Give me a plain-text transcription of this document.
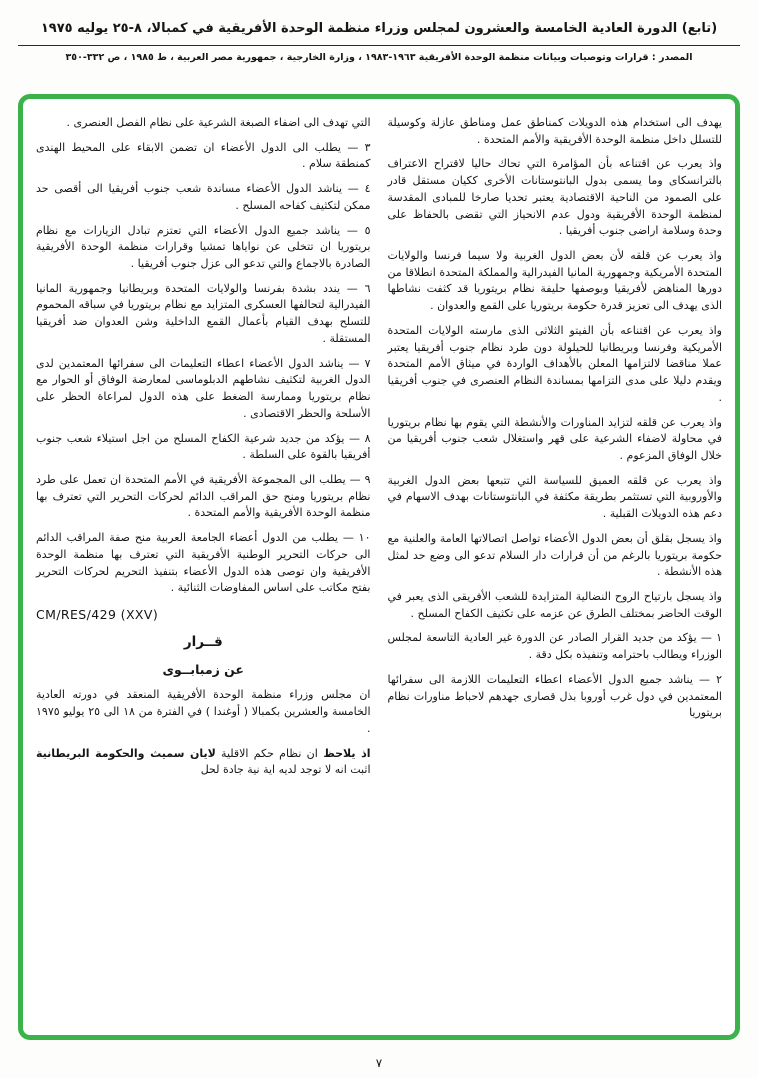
(تابع) الدورة العادية الخامسة والعشرون لمجلس وزراء منظمة الوحدة الأفريقية في كمبالا، ٨-٢٥ يوليه ١٩٧٥
المصدر : قرارات وتوصيات وبيانات منظمة الوحدة الأفريقية ١٩٦٣-١٩٨٣ ، وزارة الخارجية ، جمهورية مصر العربية ، ط ١٩٨٥ ، ص ٣٣٢-٣٥٠

يهدف الى استخدام هذه الدويلات كمناطق عمل ومناطق عازلة وكوسيلة للتسلل داخل منظمة الوحدة الأفريقية والأمم المتحدة .

واذ يعرب عن اقتناعه بأن المؤامرة التي تحاك حاليا لاقتراح الاعتراف بالترانسكاى وما يسمى بدول البانتوستانات الأخرى ككيان مستقل قادر على الصمود من الناحية الاقتصادية يعتبر تحديا صارخا للمبادى المقدسة لمنظمة الوحدة الأفريقية ودول عدم الانحياز التي تقضى بالحفاظ على وحدة وسلامة اراضى جنوب أفريقيا .

واذ يعرب عن قلقه لأن بعض الدول الغربية ولا سيما فرنسا والولايات المتحدة الأمريكية وجمهورية المانيا الفيدرالية والمملكة المتحدة انطلاقا من دورها المناهض لأفريقيا وبوصفها حليفة نظام بريتوريا قد كثفت نشاطها الذى يهدف الى تعزيز قدرة حكومة بريتوريا على القمع والعدوان .

واذ يعرب عن اقتناعه بأن الفيتو الثلاثى الذى مارسته الولايات المتحدة الأمريكية وفرنسا وبريطانيا للحيلولة دون طرد نظام جنوب أفريقيا يعتبر عملا مناقضا لالتزامها المعلن بالأهداف الواردة في ميثاق الأمم المتحدة ويقدم دليلا على مدى التزامها بمساندة النظام العنصرى في جنوب أفريقيا .

واذ يعرب عن قلقه لتزايد المناورات والأنشطة التي يقوم بها نظام بريتوريا في محاولة لاضفاء الشرعية على قهر واستغلال شعب جنوب أفريقيا من خلال الوفاق المزعوم .

واذ يعرب عن قلقه العميق للسياسة التي تتبعها بعض الدول الغربية والأوروبية التي تستثمر بطريقة مكثفة في البانتوستانات بهدف الاسهام في دعم هذه الدويلات القبلية .

واذ يسجل بقلق أن بعض الدول الأعضاء تواصل اتصالاتها العامة والعلنية مع حكومة بريتوريا بالرغم من أن قرارات دار السلام تدعو الى وضع حد لمثل هذه الأنشطة .

واذ يسجل بارتياح الروح النضالية المتزايدة للشعب الأفريقى الذى يعبر في الوقت الحاضر بمختلف الطرق عن عزمه على تكثيف الكفاح المسلح .

١ — يؤكد من جديد القرار الصادر عن الدورة غير العادية التاسعة لمجلس الوزراء ويطالب باحترامه وتنفيذه بكل دقة .

٢ — يناشد جميع الدول الأعضاء اعطاء التعليمات اللازمة الى سفرائها المعتمدين في دول غرب أوروبا بذل قصارى جهدهم لاحباط مناورات نظام بريتوريا

التي تهدف الى اضفاء الصبغة الشرعية على نظام الفصل العنصرى .

٣ — يطلب الى الدول الأعضاء ان تضمن الابقاء على المحيط الهندى كمنطقة سلام .

٤ — يناشد الدول الأعضاء مساندة شعب جنوب أفريقيا الى أقصى حد ممكن لتكثيف كفاحه المسلح .

٥ — يناشد جميع الدول الأعضاء التي تعتزم تبادل الزيارات مع نظام بريتوريا ان تتخلى عن نواياها تمشيا وقرارات منظمة الوحدة الأفريقية الصادرة بالاجماع والتي تدعو الى عزل جنوب أفريقيا .

٦ — يندد بشدة بفرنسا والولايات المتحدة وبريطانيا وجمهورية المانيا الفيدرالية لتحالفها العسكرى المتزايد مع نظام بريتوريا في سباقه المحموم للتسلح بهدف القيام بأعمال القمع الداخلية وشن العدوان ضد أفريقيا المستقلة .

٧ — يناشد الدول الأعضاء اعطاء التعليمات الى سفرائها المعتمدين لدى الدول الغربية لتكثيف نشاطهم الدبلوماسى لمعارضة الوفاق أو الحوار مع نظام بريتوريا وممارسة الضغط على هذه الدول لمراعاة الحظر على الأسلحة والحظر الاقتصادى .

٨ — يؤكد من جديد شرعية الكفاح المسلح من اجل استيلاء شعب جنوب أفريقيا بالقوة على السلطة .

٩ — يطلب الى المجموعة الأفريقية في الأمم المتحدة ان تعمل على طرد نظام بريتوريا ومنح حق المراقب الدائم لحركات التحرير التي تعترف بها منظمة الوحدة الأفريقية والأمم المتحدة .

١٠ — يطلب من الدول أعضاء الجامعة العربية منح صفة المراقب الدائم الى حركات التحرير الوطنية الأفريقية التي تعترف بها منظمة الوحدة الأفريقية وان توصى هذه الدول الأعضاء بتنفيذ التحريم لحركات التحرير بفتح مكاتب على اساس المفاوضات الثنائية .

CM/RES/429 (XXV)

قــرار

عن زمبابــوى

ان مجلس وزراء منظمة الوحدة الأفريقية المنعقد في دورته العادية الخامسة والعشرين بكمبالا ( أوغندا ) في الفترة من ١٨ الى ٢٥ يوليو ١٩٧٥ .

اذ يلاحظ ان نظام حكم الاقلية لايان سميث والحكومة البريطانية اثبت انه لا توجد لديه اية نية جادة لحل

٧
